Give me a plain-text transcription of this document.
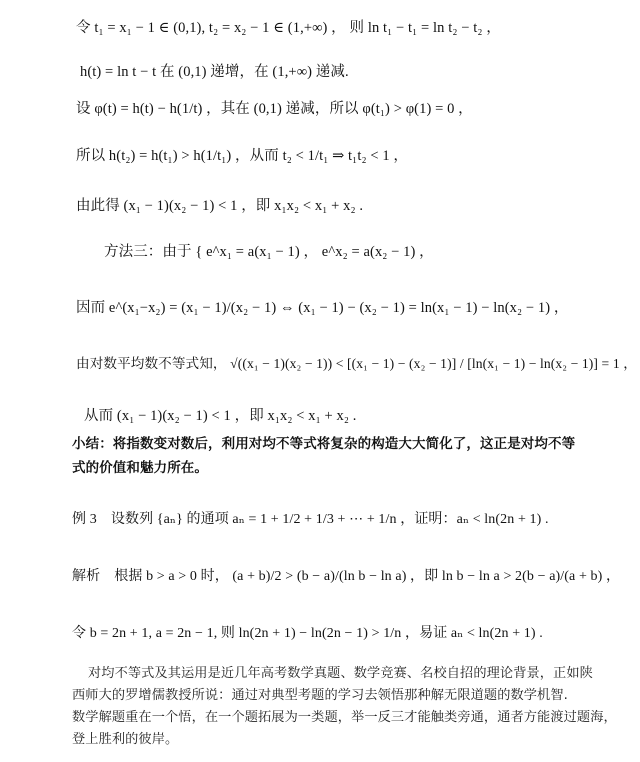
令 t₁ = x₁ − 1 ∈ (0,1), t₂ = x₂ − 1 ∈ (1,+∞) ， 则 ln t₁ − t₁ = ln t₂ − t₂ ，
h(t) = ln t − t 在 (0,1) 递增，在 (1,+∞) 递减.
设 φ(t) = h(t) − h(1/t) ，其在 (0,1) 递减，所以 φ(t₁) > φ(1) = 0 ，
所以 h(t₂) = h(t₁) > h(1/t₁) ，从而 t₂ < 1/t₁ ⇒ t₁t₂ < 1 ，
由此得 (x₁ − 1)(x₂ − 1) < 1 ，即 x₁x₂ < x₁ + x₂ .
方法三：由于 { e^x₁ = a(x₁ − 1) ， e^x₂ = a(x₂ − 1) ，
因而 e^(x₁−x₂) = (x₁ − 1)/(x₂ − 1) ⇔ (x₁ − 1) − (x₂ − 1) = ln(x₁ − 1) − ln(x₂ − 1) ，
由对数平均数不等式知， √((x₁ − 1)(x₂ − 1)) < [(x₁ − 1) − (x₂ − 1)] / [ln(x₁ − 1) − ln(x₂ − 1)] = 1 ，
从而 (x₁ − 1)(x₂ − 1) < 1 ，即 x₁x₂ < x₁ + x₂ .
小结：将指数变对数后，利用对均不等式将复杂的构造大大简化了，这正是对均不等
式的价值和魅力所在。
例 3　设数列 {aₙ} 的通项 aₙ = 1 + 1/2 + 1/3 + ⋯ + 1/n ，证明：aₙ < ln(2n + 1) .
解析　根据 b > a > 0 时， (a + b)/2 > (b − a)/(ln b − ln a) ，即 ln b − ln a > 2(b − a)/(a + b) ，
令 b = 2n + 1, a = 2n − 1, 则 ln(2n + 1) − ln(2n − 1) > 1/n ，易证 aₙ < ln(2n + 1) .
对均不等式及其运用是近几年高考数学真题、数学竞赛、名校自招的理论背景，正如陕
西师大的罗增儒教授所说：通过对典型考题的学习去领悟那种解无限道题的数学机智.
数学解题重在一个悟，在一个题拓展为一类题，举一反三才能触类旁通，通者方能渡过题海，
登上胜利的彼岸。
